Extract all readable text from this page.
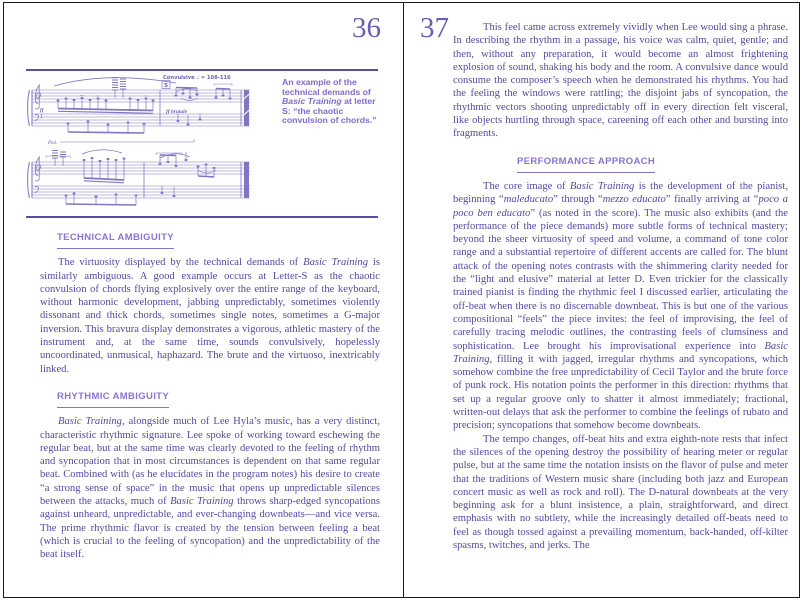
36
Convulsive ♩ = 108-116
S
ff	ff brutale
Ped.
An example of the technical demands of Basic Training at letter S: “the chaotic convulsion of chords.”
TECHNICAL AMBIGUITY

The virtuosity displayed by the technical demands of Basic Training is similarly ambiguous. A good example occurs at Letter-S as the chaotic convulsion of chords flying explosively over the entire range of the keyboard, without harmonic development, jabbing unpredictably, sometimes violently dissonant and thick chords, sometimes single notes, sometimes a G-major inversion. This bravura display demonstrates a vigorous, athletic mastery of the instrument and, at the same time, sounds convulsively, hopelessly uncoordinated, unmusical, haphazard. The brute and the virtuoso, inextricably linked.

RHYTHMIC AMBIGUITY

Basic Training, alongside much of Lee Hyla’s music, has a very distinct, characteristic rhythmic signature. Lee spoke of working toward eschewing the regular beat, but at the same time was clearly devoted to the feeling of rhythm and syncopation that in most circumstances is dependent on that same regular beat. Combined with (as he elucidates in the program notes) his desire to create “a strong sense of space” in the music that opens up unpredictable silences between the attacks, much of Basic Training throws sharp-edged syncopations against unheard, unpredictable, and ever-changing downbeats—and vice versa. The prime rhythmic flavor is created by the tension between feeling a beat (which is crucial to the feeling of syncopation) and the unpredictability of the beat itself.

37	This feel came across extremely vividly when Lee would sing a phrase. In describing the rhythm in a passage, his voice was calm, quiet, gentle; and then, without any preparation, it would become an almost frightening explosion of sound, shaking his body and the room. A convulsive dance would consume the composer’s speech when he demonstrated his rhythms. You had the feeling the windows were rattling; the disjoint jabs of syncopation, the rhythmic vectors shooting unpredictably off in every direction felt visceral, like objects hurtling through space, careening off each other and bursting into fragments.

PERFORMANCE APPROACH

The core image of Basic Training is the development of the pianist, beginning “maleducato” through “mezzo educato” finally arriving at “poco a poco ben educato” (as noted in the score). The music also exhibits (and the performance of the piece demands) more subtle forms of technical mastery; beyond the sheer virtuosity of speed and volume, a command of tone color range and a substantial repertoire of different accents are called for. The blunt attack of the opening notes contrasts with the shimmering clarity needed for the “light and elusive” material at letter D. Even trickier for the classically trained pianist is finding the rhythmic feel I discussed earlier, articulating the off-beat when there is no discernable downbeat. This is but one of the various compositional “feels” the piece invites: the feel of improvising, the feel of carefully tracing melodic outlines, the contrasting feels of clumsiness and sophistication. Lee brought his improvisational experience into Basic Training, filling it with jagged, irregular rhythms and syncopations, which somehow combine the free unpredictability of Cecil Taylor and the brute force of punk rock. His notation points the performer in this direction: rhythms that set up a regular groove only to shatter it almost immediately; fractional, written-out delays that ask the performer to combine the feelings of rubato and precision; syncopations that somehow become downbeats.

The tempo changes, off-beat hits and extra eighth-note rests that infect the silences of the opening destroy the possibility of hearing meter or regular pulse, but at the same time the notation insists on the flavor of pulse and meter that the traditions of Western music share (including both jazz and European concert music as well as rock and roll). The D-natural downbeats at the very beginning ask for a blunt insistence, a plain, straightforward, and direct emphasis with no subtlety, while the increasingly detailed off-beats need to feel as though tossed against a prevailing momentum, back-handed, off-kilter spasms, twitches, and jerks. The
